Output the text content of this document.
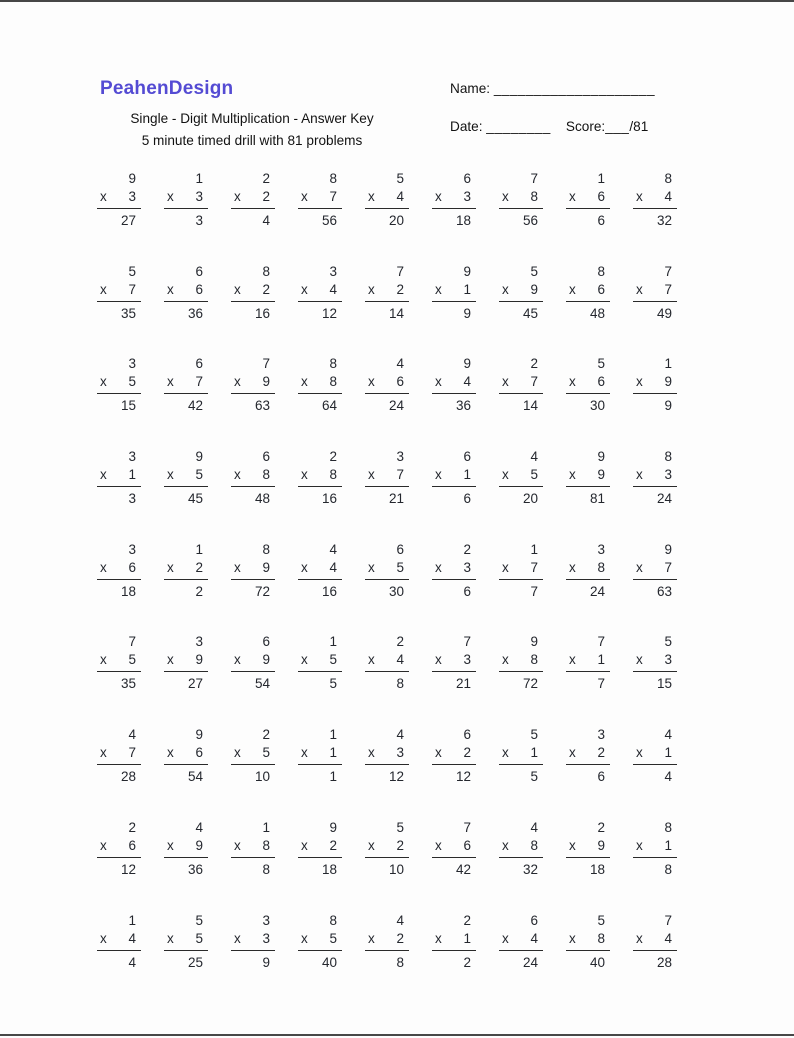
PeahenDesign
Single - Digit Multiplication - Answer Key
5 minute timed drill with 81 problems
Name: ____________________
Date: ________ Score:___/81
9
x 3
27
1
x 3
3
2
x 2
4
8
x 7
56
5
x 4
20
6
x 3
18
7
x 8
56
1
x 6
6
8
x 4
32
5
x 7
35
6
x 6
36
8
x 2
16
3
x 4
12
7
x 2
14
9
x 1
9
5
x 9
45
8
x 6
48
7
x 7
49
3
x 5
15
6
x 7
42
7
x 9
63
8
x 8
64
4
x 6
24
9
x 4
36
2
x 7
14
5
x 6
30
1
x 9
9
3
x 1
3
9
x 5
45
6
x 8
48
2
x 8
16
3
x 7
21
6
x 1
6
4
x 5
20
9
x 9
81
8
x 3
24
3
x 6
18
1
x 2
2
8
x 9
72
4
x 4
16
6
x 5
30
2
x 3
6
1
x 7
7
3
x 8
24
9
x 7
63
7
x 5
35
3
x 9
27
6
x 9
54
1
x 5
5
2
x 4
8
7
x 3
21
9
x 8
72
7
x 1
7
5
x 3
15
4
x 7
28
9
x 6
54
2
x 5
10
1
x 1
1
4
x 3
12
6
x 2
12
5
x 1
5
3
x 2
6
4
x 1
4
2
x 6
12
4
x 9
36
1
x 8
8
9
x 2
18
5
x 2
10
7
x 6
42
4
x 8
32
2
x 9
18
8
x 1
8
1
x 4
4
5
x 5
25
3
x 3
9
8
x 5
40
4
x 2
8
2
x 1
2
6
x 4
24
5
x 8
40
7
x 4
28
